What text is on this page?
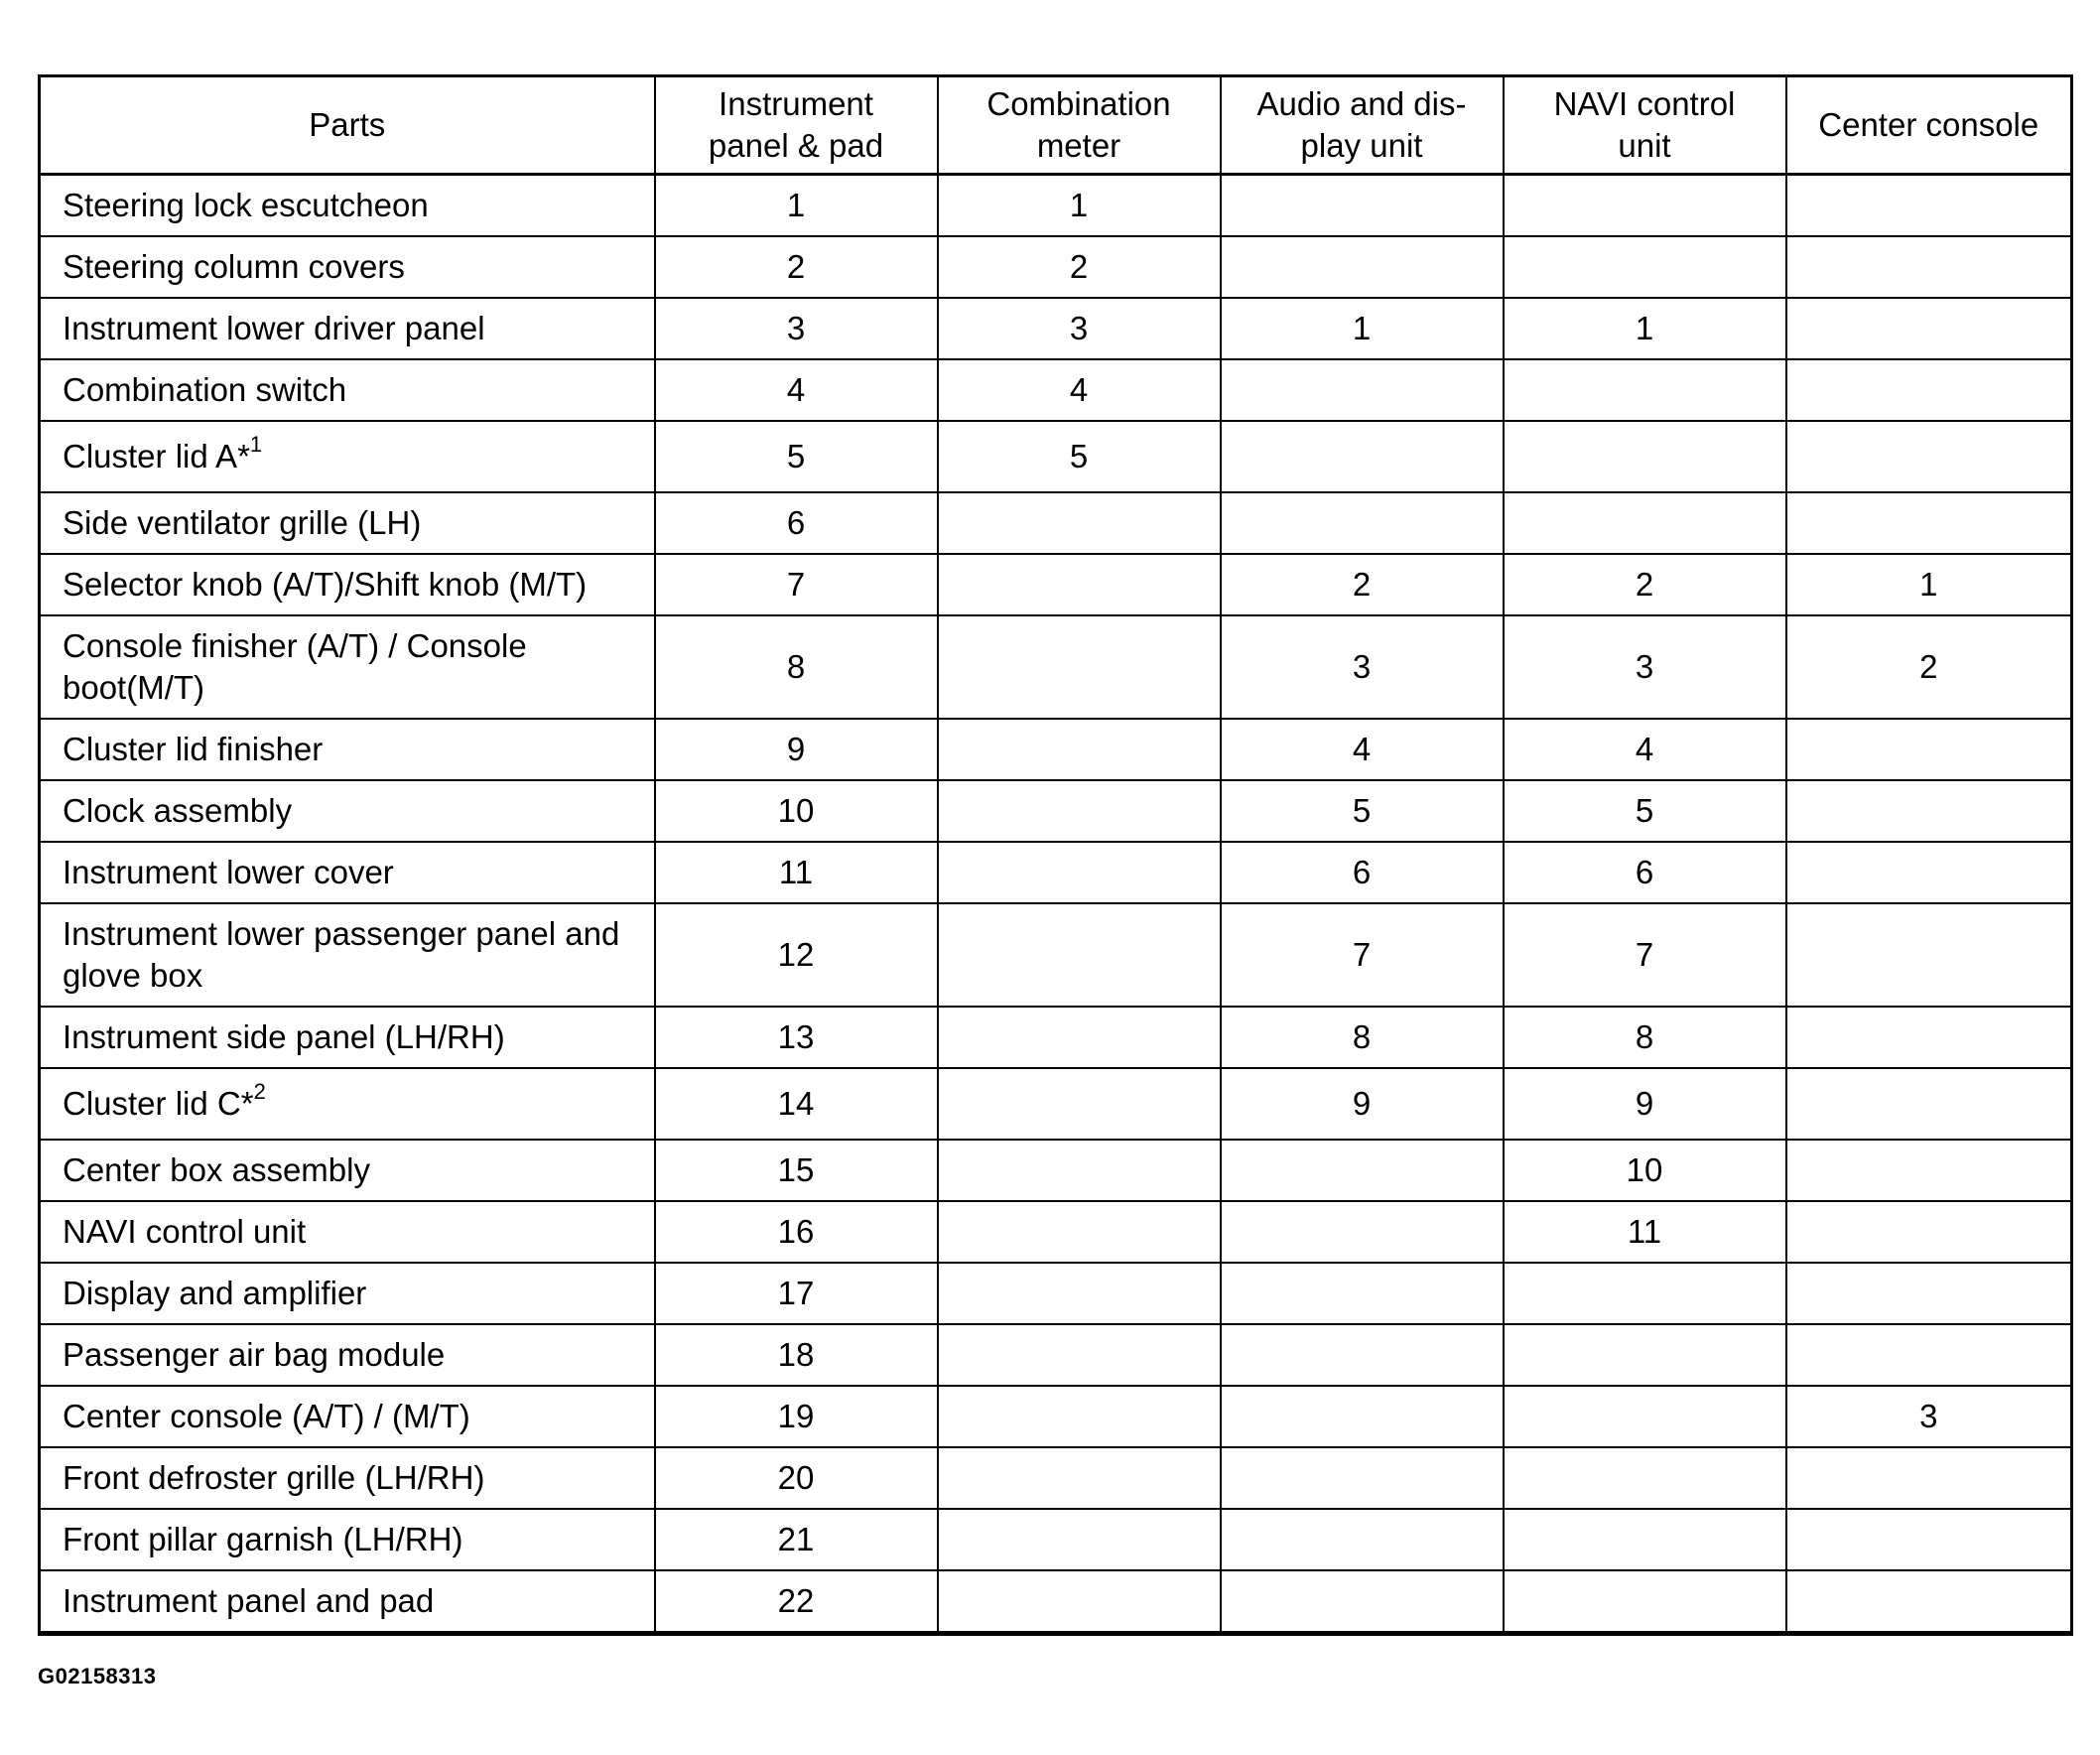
Parts	Instrument panel & pad	Combination meter	Audio and dis- play unit	NAVI control unit	Center console
Steering lock escutcheon	1	1			
Steering column covers	2	2			
Instrument lower driver panel	3	3	1	1	
Combination switch	4	4			
Cluster lid A*$^1$	5	5			
Side ventilator grille (LH)	6				
Selector knob (A/T)/Shift knob (M/T)	7		2	2	1
Console finisher (A/T) / Console boot(M/T)	8		3	3	2
Cluster lid finisher	9		4	4	
Clock assembly	10		5	5	
Instrument lower cover	11		6	6	
Instrument lower passenger panel and glove box	12		7	7	
Instrument side panel (LH/RH)	13		8	8	
Cluster lid C*$^2$	14		9	9	
Center box assembly	15			10	
NAVI control unit	16			11	
Display and amplifier	17				
Passenger air bag module	18				
Center console (A/T) / (M/T)	19				3
Front defroster grille (LH/RH)	20				
Front pillar garnish (LH/RH)	21				
Instrument panel and pad	22				
G02158313
